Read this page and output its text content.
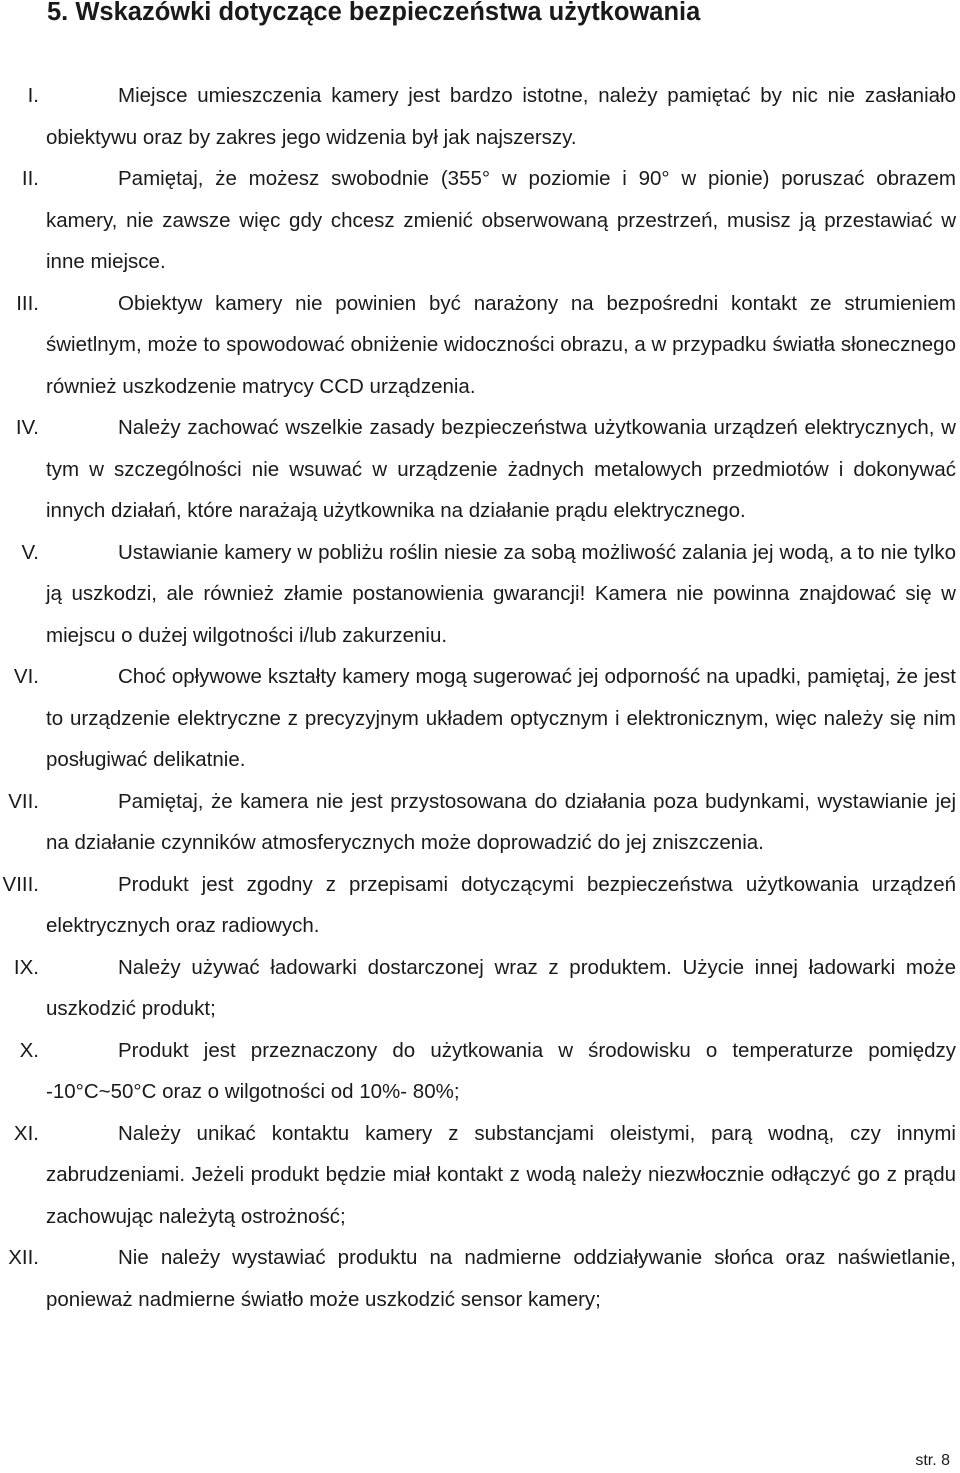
5. Wskazówki dotyczące bezpieczeństwa użytkowania
I.	Miejsce umieszczenia kamery jest bardzo istotne, należy pamiętać by nic nie zasłaniało obiektywu oraz by zakres jego widzenia był jak najszerszy.
II.	Pamiętaj, że możesz swobodnie (355° w poziomie i 90° w pionie) poruszać obrazem kamery, nie zawsze więc gdy chcesz zmienić obserwowaną przestrzeń, musisz ją przestawiać w inne miejsce.
III.	Obiektyw kamery nie powinien być narażony na bezpośredni kontakt ze strumieniem świetlnym, może to spowodować obniżenie widoczności obrazu, a w przypadku światła słonecznego również uszkodzenie matrycy CCD urządzenia.
IV.	Należy zachować wszelkie zasady bezpieczeństwa użytkowania urządzeń elektrycznych, w tym w szczególności nie wsuwać w urządzenie żadnych metalowych przedmiotów i dokonywać innych działań, które narażają użytkownika na działanie prądu elektrycznego.
V.	Ustawianie kamery w pobliżu roślin niesie za sobą możliwość zalania jej wodą, a to nie tylko ją uszkodzi, ale również złamie postanowienia gwarancji! Kamera nie powinna znajdować się w miejscu o dużej wilgotności i/lub zakurzeniu.
VI.	Choć opływowe kształty kamery mogą sugerować jej odporność na upadki, pamiętaj, że jest to urządzenie elektryczne z precyzyjnym układem optycznym i elektronicznym, więc należy się nim posługiwać delikatnie.
VII.	Pamiętaj, że kamera nie jest przystosowana do działania poza budynkami, wystawianie jej na działanie czynników atmosferycznych może doprowadzić do jej zniszczenia.
VIII.	Produkt jest zgodny z przepisami dotyczącymi bezpieczeństwa użytkowania urządzeń elektrycznych oraz radiowych.
IX.	Należy używać ładowarki dostarczonej wraz z produktem. Użycie innej ładowarki może uszkodzić produkt;
X.	Produkt jest przeznaczony do użytkowania w środowisku o temperaturze pomiędzy -10°C~50°C oraz o wilgotności od 10%- 80%;
XI.	Należy unikać kontaktu kamery z substancjami oleistymi, parą wodną, czy innymi zabrudzeniami. Jeżeli produkt będzie miał kontakt z wodą należy niezwłocznie odłączyć go z prądu zachowując należytą ostrożność;
XII.	Nie należy wystawiać produktu na nadmierne oddziaływanie słońca oraz naświetlanie, ponieważ nadmierne światło może uszkodzić sensor kamery;
str. 8
